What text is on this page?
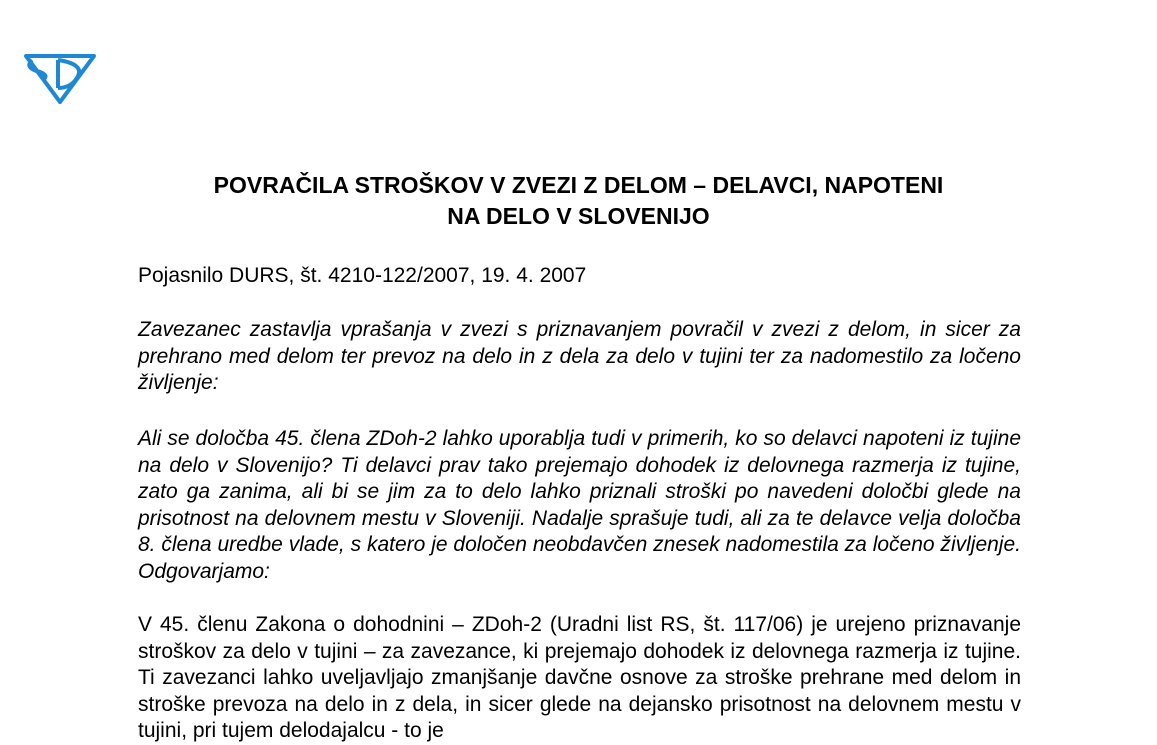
SD
POVRAČILA STROŠKOV V ZVEZI Z DELOM – DELAVCI, NAPOTENI
NA DELO V SLOVENIJO
Pojasnilo DURS, št. 4210-122/2007, 19. 4. 2007
Zavezanec zastavlja vprašanja v zvezi s priznavanjem povračil v zvezi z delom, in sicer za prehrano med delom ter prevoz na delo in z dela za delo v tujini ter za nadomestilo za ločeno življenje:
Ali se določba 45. člena ZDoh-2 lahko uporablja tudi v primerih, ko so delavci napoteni iz tujine na delo v Slovenijo? Ti delavci prav tako prejemajo dohodek iz delovnega razmerja iz tujine, zato ga zanima, ali bi se jim za to delo lahko priznali stroški po navedeni določbi glede na prisotnost na delovnem mestu v Sloveniji. Nadalje sprašuje tudi, ali za te delavce velja določba 8. člena uredbe vlade, s katero je določen neobdavčen znesek nadomestila za ločeno življenje. Odgovarjamo:
V 45. členu Zakona o dohodnini – ZDoh-2 (Uradni list RS, št. 117/06) je urejeno priznavanje stroškov za delo v tujini – za zavezance, ki prejemajo dohodek iz delovnega razmerja iz tujine. Ti zavezanci lahko uveljavljajo zmanjšanje davčne osnove za stroške prehrane med delom in stroške prevoza na delo in z dela, in sicer glede na dejansko prisotnost na delovnem mestu v tujini, pri tujem delodajalcu - to je
